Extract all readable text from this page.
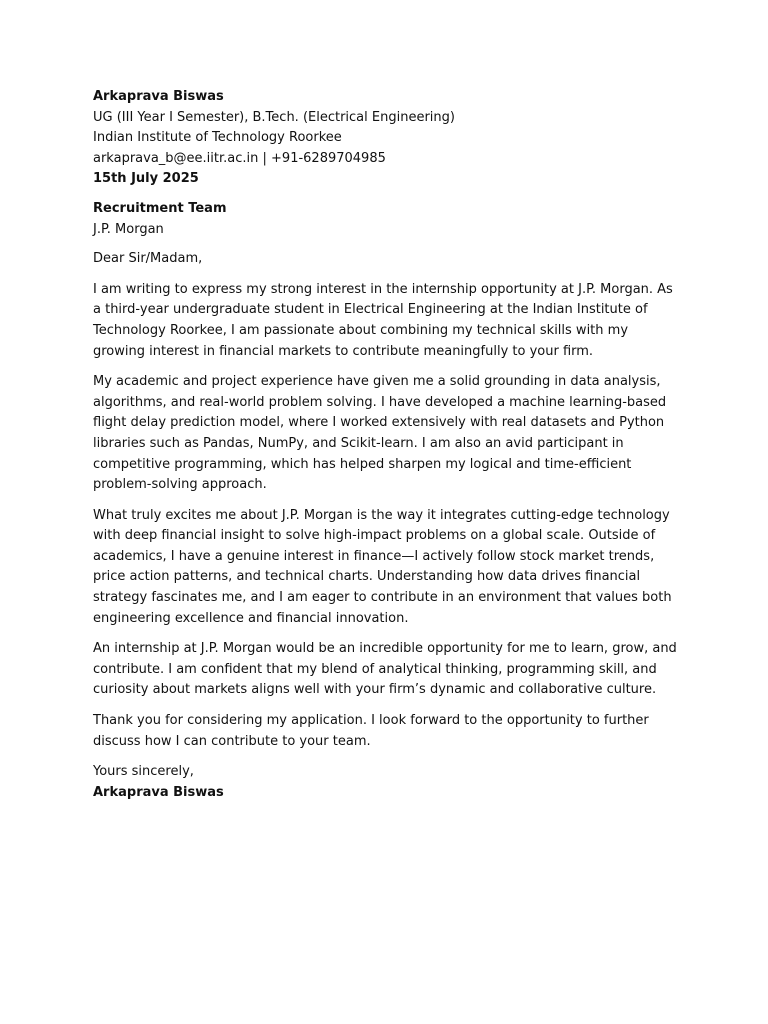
Arkaprava Biswas
UG (III Year I Semester), B.Tech. (Electrical Engineering)
Indian Institute of Technology Roorkee
arkaprava_b@ee.iitr.ac.in | +91-6289704985
15th July 2025
Recruitment Team
J.P. Morgan
Dear Sir/Madam,

I am writing to express my strong interest in the internship opportunity at J.P. Morgan. As a third-year undergraduate student in Electrical Engineering at the Indian Institute of Technology Roorkee, I am passionate about combining my technical skills with my growing interest in financial markets to contribute meaningfully to your firm.

My academic and project experience have given me a solid grounding in data analysis, algorithms, and real-world problem solving. I have developed a machine learning-based flight delay prediction model, where I worked extensively with real datasets and Python libraries such as Pandas, NumPy, and Scikit-learn. I am also an avid participant in competitive programming, which has helped sharpen my logical and time-efficient problem-solving approach.

What truly excites me about J.P. Morgan is the way it integrates cutting-edge technology with deep financial insight to solve high-impact problems on a global scale. Outside of academics, I have a genuine interest in finance—I actively follow stock market trends, price action patterns, and technical charts. Understanding how data drives financial strategy fascinates me, and I am eager to contribute in an environment that values both engineering excellence and financial innovation.

An internship at J.P. Morgan would be an incredible opportunity for me to learn, grow, and contribute. I am confident that my blend of analytical thinking, programming skill, and curiosity about markets aligns well with your firm’s dynamic and collaborative culture.

Thank you for considering my application. I look forward to the opportunity to further discuss how I can contribute to your team.

Yours sincerely,
Arkaprava Biswas
